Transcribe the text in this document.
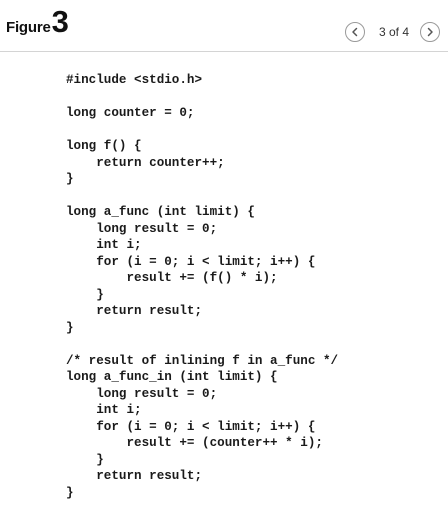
Figure 3	3 of 4
#include <stdio.h>
long counter = 0;
long f() {
return counter++;
}
long a_func (int limit) {
long result = 0;
int i;
for (i = 0; i < limit; i++) {
result += (f() * i);
}
return result;
}
/* result of inlining f in a_func */
long a_func_in (int limit) {
long result = 0;
int i;
for (i = 0; i < limit; i++) {
result += (counter++ * i);
}
return result;
}
